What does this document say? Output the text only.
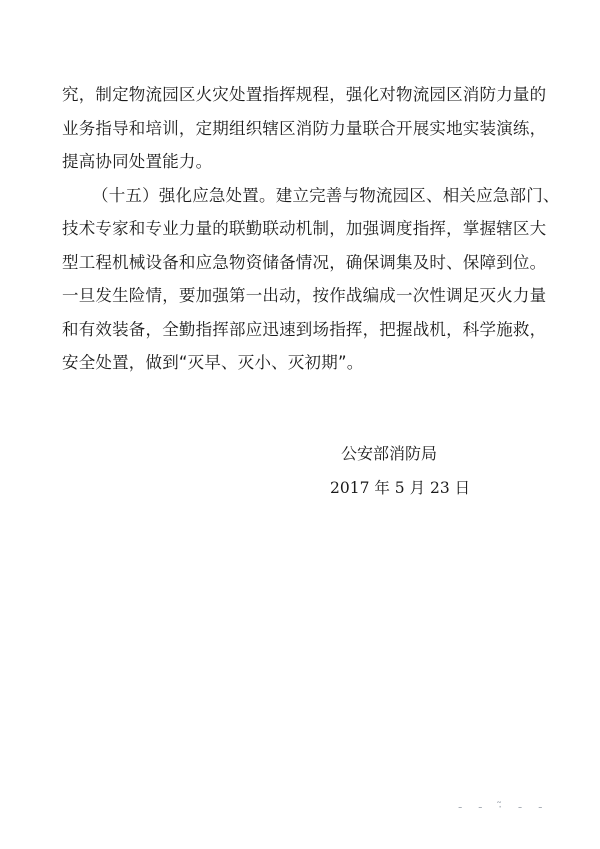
究，制定物流园区火灾处置指挥规程，强化对物流园区消防力量的业务指导和培训，定期组织辖区消防力量联合开展实地实装演练，提高协同处置能力。

（十五）强化应急处置。建立完善与物流园区、相关应急部门、技术专家和专业力量的联勤联动机制，加强调度指挥，掌握辖区大型工程机械设备和应急物资储备情况，确保调集及时、保障到位。一旦发生险情，要加强第一出动，按作战编成一次性调足灭火力量和有效装备，全勤指挥部应迅速到场指挥，把握战机，科学施救，安全处置，做到“灭早、灭小、灭初期”。

公安部消防局
2017 年 5 月 23 日
- - ·̃ - -
